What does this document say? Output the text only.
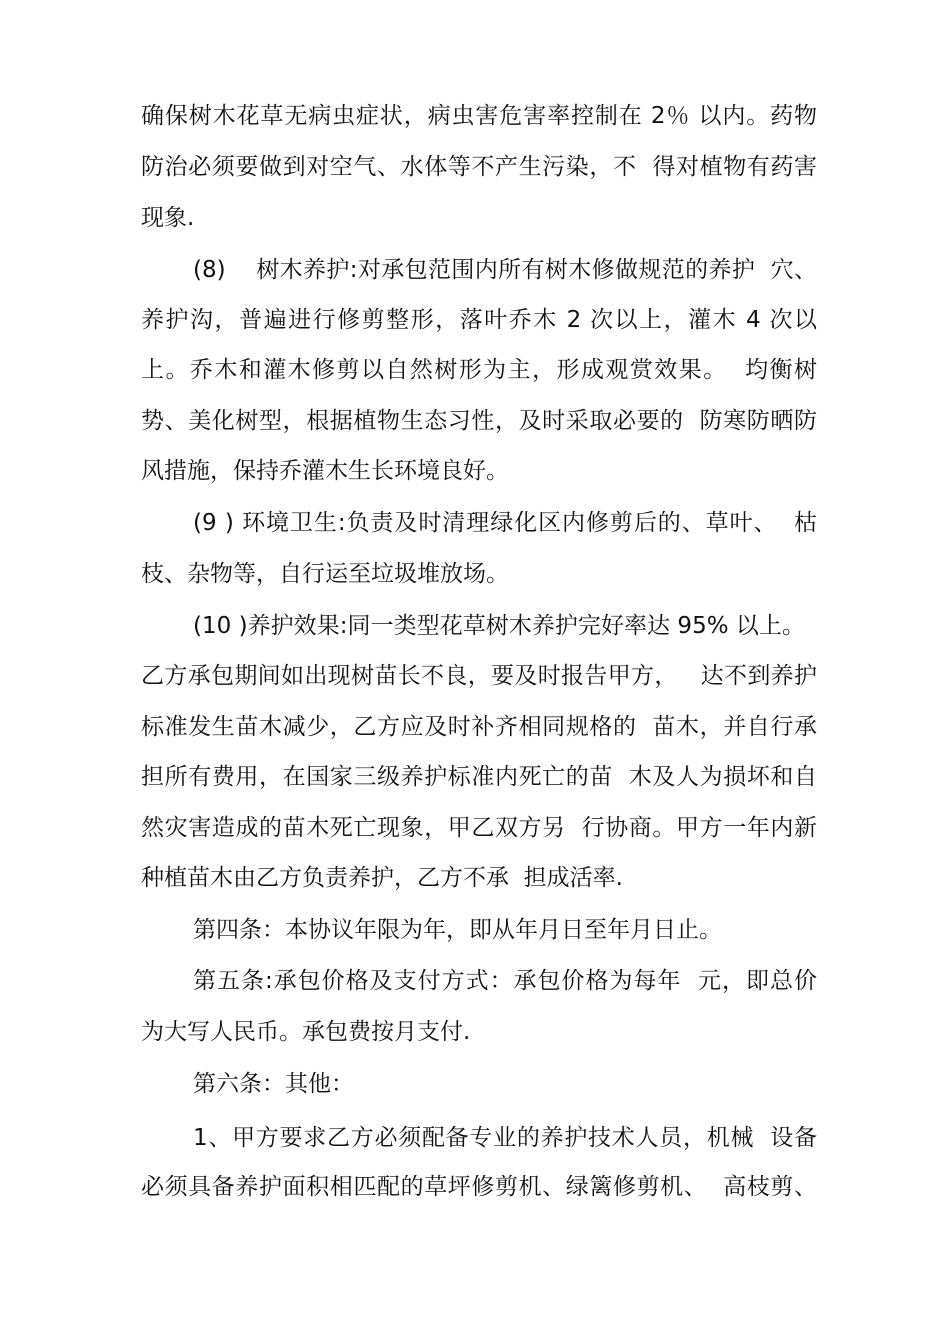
确保树木花草无病虫症状，病虫害危害率控制在 2％ 以内。药物
防治必须要做到对空气、水体等不产生污染，不  得对植物有药害
现象.
(8)    树木养护:对承包范围内所有树木修做规范的养护  穴、
养护沟，普遍进行修剪整形，落叶乔木 2 次以上，灌木 4 次以
上。乔木和灌木修剪以自然树形为主，形成观赏效果。  均衡树
势、美化树型，根据植物生态习性，及时采取必要的  防寒防晒防
风措施，保持乔灌木生长环境良好。
(9 ) 环境卫生:负责及时清理绿化区内修剪后的、草叶、  枯
枝、杂物等，自行运至垃圾堆放场。
(10 )养护效果:同一类型花草树木养护完好率达 95% 以上。
乙方承包期间如出现树苗长不良，要及时报告甲方，   达不到养护
标准发生苗木减少，乙方应及时补齐相同规格的  苗木，并自行承
担所有费用，在国家三级养护标准内死亡的苗  木及人为损坏和自
然灾害造成的苗木死亡现象，甲乙双方另  行协商。甲方一年内新
种植苗木由乙方负责养护，乙方不承  担成活率.
第四条：本协议年限为年，即从年月日至年月日止。
第五条:承包价格及支付方式：承包价格为每年  元，即总价
为大写人民币。承包费按月支付.
第六条：其他：
1、甲方要求乙方必须配备专业的养护技术人员，机械  设备
必须具备养护面积相匹配的草坪修剪机、绿篱修剪机、  高枝剪、
